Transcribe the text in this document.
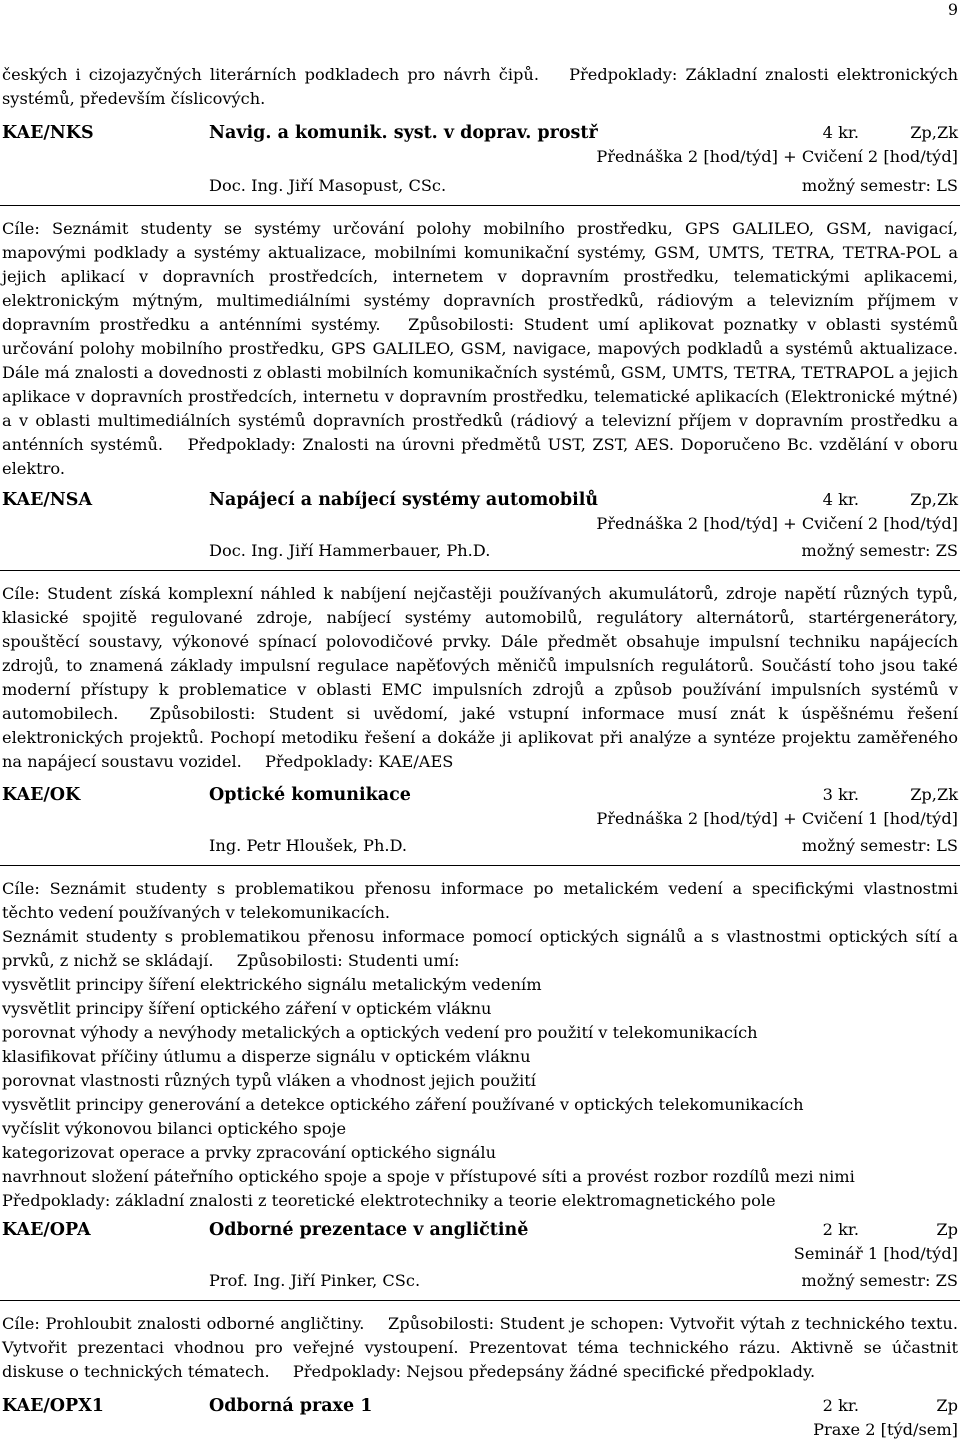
9
českých i cizojazyčných literárních podkladech pro návrh čipů. Předpoklady: Základní znalosti elektronických systémů, především číslicových.
KAE/NKS	Navig. a komunik. syst. v doprav. prostř	4 kr.	Zp,Zk
Přednáška 2 [hod/týd] + Cvičení 2 [hod/týd]
Doc. Ing. Jiří Masopust, CSc.	možný semestr: LS
Cíle: Seznámit studenty se systémy určování polohy mobilního prostředku, GPS GALILEO, GSM, navigací, mapovými podklady a systémy aktualizace, mobilními komunikační systémy, GSM, UMTS, TETRA, TETRA-POL a jejich aplikací v dopravních prostředcích, internetem v dopravním prostředku, telematickými aplikacemi, elektronickým mýtným, multimediálními systémy dopravních prostředků, rádiovým a televizním příjmem v dopravním prostředku a anténními systémy. Způsobilosti: Student umí aplikovat poznatky v oblasti systémů určování polohy mobilního prostředku, GPS GALILEO, GSM, navigace, mapových podkladů a systémů aktualizace. Dále má znalosti a dovednosti z oblasti mobilních komunikačních systémů, GSM, UMTS, TETRA, TETRAPOL a jejich aplikace v dopravních prostředcích, internetu v dopravním prostředku, telematické aplikacích (Elektronické mýtné) a v oblasti multimediálních systémů dopravních prostředků (rádiový a televizní příjem v dopravním prostředku a anténních systémů. Předpoklady: Znalosti na úrovni předmětů UST, ZST, AES. Doporučeno Bc. vzdělání v oboru elektro.
KAE/NSA	Napájecí a nabíjecí systémy automobilů	4 kr.	Zp,Zk
Přednáška 2 [hod/týd] + Cvičení 2 [hod/týd]
Doc. Ing. Jiří Hammerbauer, Ph.D.	možný semestr: ZS
Cíle: Student získá komplexní náhled k nabíjení nejčastěji používaných akumulátorů, zdroje napětí různých typů, klasické spojitě regulované zdroje, nabíjecí systémy automobilů, regulátory alternátorů, startérgenerátory, spouštěcí soustavy, výkonové spínací polovodičové prvky. Dále předmět obsahuje impulsní techniku napájecích zdrojů, to znamená základy impulsní regulace napěťových měničů impulsních regulátorů. Součástí toho jsou také moderní přístupy k problematice v oblasti EMC impulsních zdrojů a způsob používání impulsních systémů v automobilech. Způsobilosti: Student si uvědomí, jaké vstupní informace musí znát k úspěšnému řešení elektronických projektů. Pochopí metodiku řešení a dokáže ji aplikovat při analýze a syntéze projektu zaměřeného na napájecí soustavu vozidel. Předpoklady: KAE/AES
KAE/OK	Optické komunikace	3 kr.	Zp,Zk
Přednáška 2 [hod/týd] + Cvičení 1 [hod/týd]
Ing. Petr Hloušek, Ph.D.	možný semestr: LS
Cíle: Seznámit studenty s problematikou přenosu informace po metalickém vedení a specifickými vlastnostmi těchto vedení používaných v telekomunikacích.
Seznámit studenty s problematikou přenosu informace pomocí optických signálů a s vlastnostmi optických sítí a prvků, z nichž se skládají. Způsobilosti: Studenti umí:
vysvětlit principy šíření elektrického signálu metalickým vedením
vysvětlit principy šíření optického záření v optickém vláknu
porovnat výhody a nevýhody metalických a optických vedení pro použití v telekomunikacích
klasifikovat příčiny útlumu a disperze signálu v optickém vláknu
porovnat vlastnosti různých typů vláken a vhodnost jejich použití
vysvětlit principy generování a detekce optického záření používané v optických telekomunikacích
vyčíslit výkonovou bilanci optického spoje
kategorizovat operace a prvky zpracování optického signálu
navrhnout složení páteřního optického spoje a spoje v přístupové síti a provést rozbor rozdílů mezi nimi
Předpoklady: základní znalosti z teoretické elektrotechniky a teorie elektromagnetického pole
KAE/OPA	Odborné prezentace v angličtině	2 kr.	Zp
Seminář 1 [hod/týd]
Prof. Ing. Jiří Pinker, CSc.	možný semestr: ZS
Cíle: Prohloubit znalosti odborné angličtiny. Způsobilosti: Student je schopen: Vytvořit výtah z technického textu. Vytvořit prezentaci vhodnou pro veřejné vystoupení. Prezentovat téma technického rázu. Aktivně se účastnit diskuse o technických tématech. Předpoklady: Nejsou předepsány žádné specifické předpoklady.
KAE/OPX1	Odborná praxe 1	2 kr.	Zp
Praxe 2 [týd/sem]
